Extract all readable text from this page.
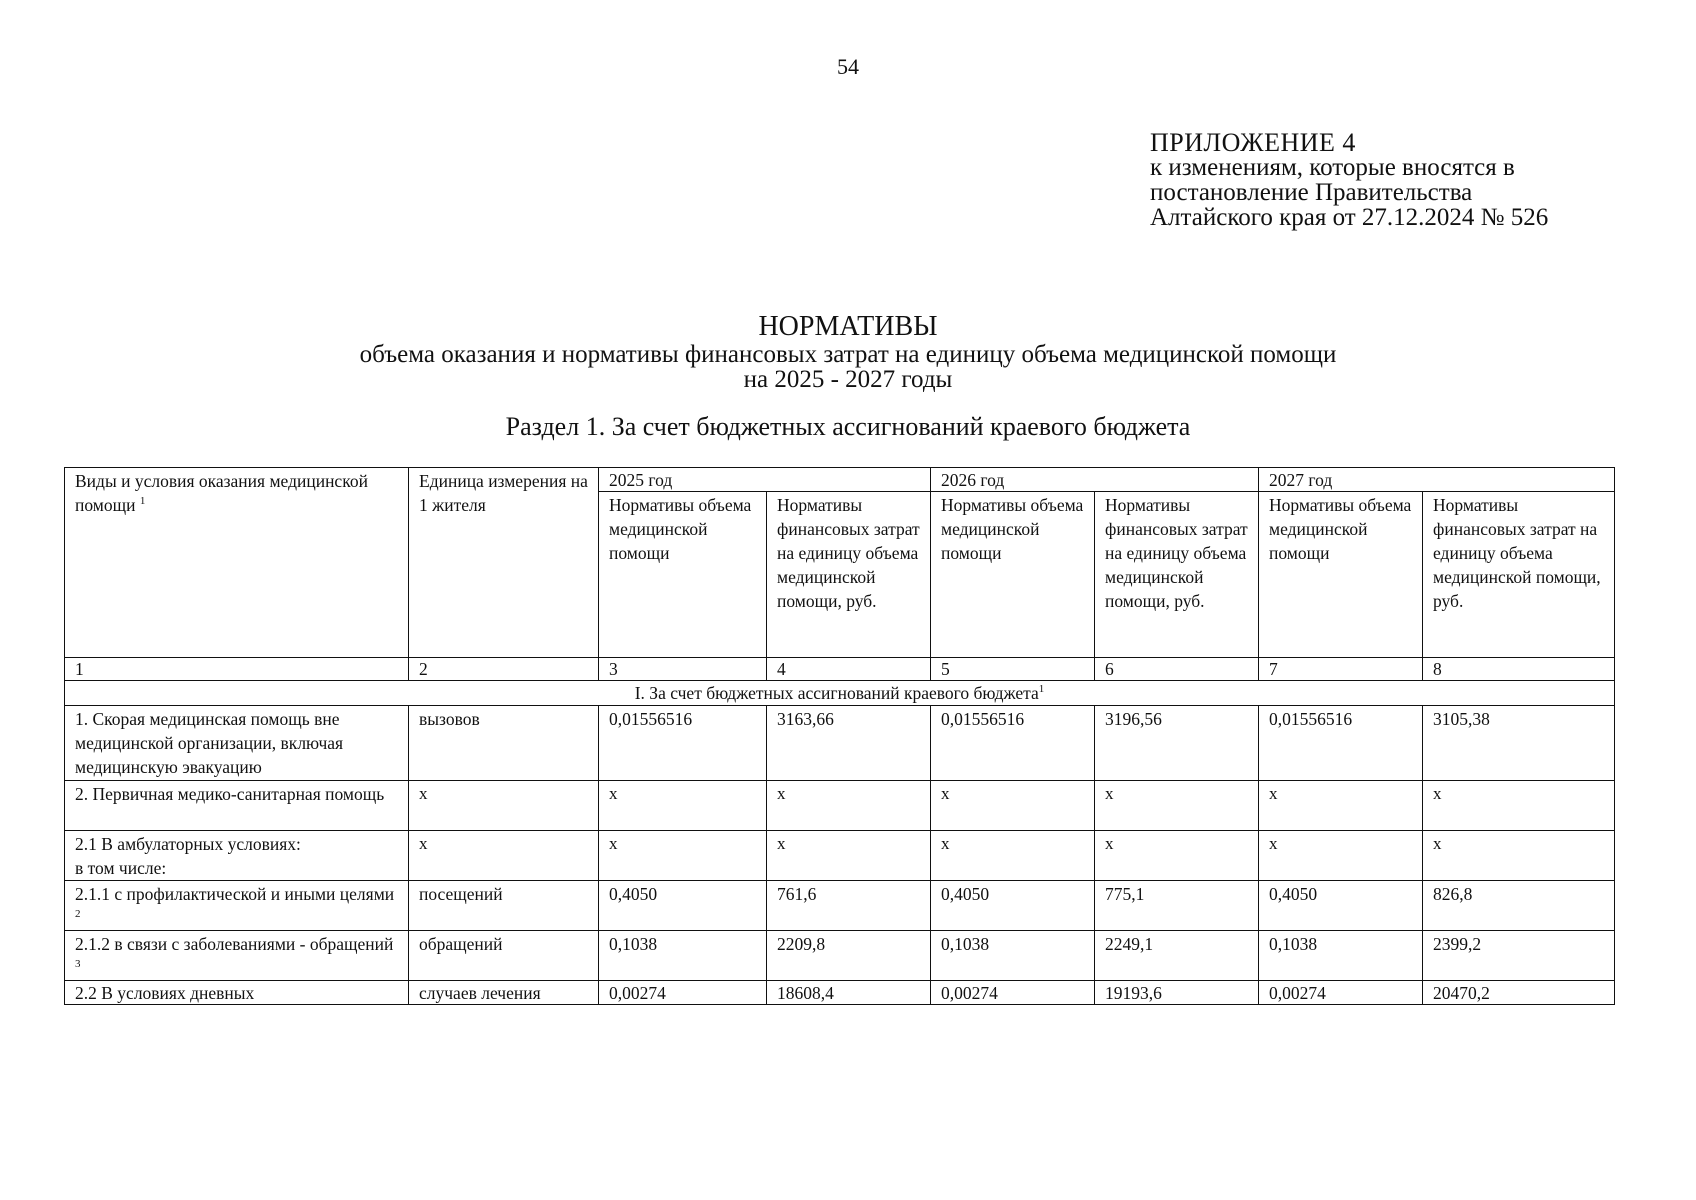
54
ПРИЛОЖЕНИЕ 4
к изменениям, которые вносятся в
постановление Правительства
Алтайского края от 27.12.2024 № 526
НОРМАТИВЫ
объема оказания и нормативы финансовых затрат на единицу объема медицинской помощи
на 2025 - 2027 годы
Раздел 1. За счет бюджетных ассигнований краевого бюджета
Виды и условия оказания медицинской помощи $^1$	Единица измерения на 1 жителя	2025 год		2026 год		2027 год	
		Нормативы объема медицинской помощи	Нормативы финансовых затрат на единицу объема медицинской помощи, руб.	Нормативы объема медицинской помощи	Нормативы финансовых затрат на единицу объема медицинской помощи, руб.	Нормативы объема медицинской помощи	Нормативы финансовых затрат на единицу объема медицинской помощи, руб.
1	2	3	4	5	6	7	8
I. За счет бюджетных ассигнований краевого бюджета$^1$
1. Скорая медицинская помощь вне медицинской организации, включая медицинскую эвакуацию	вызовов	0,01556516	3163,66	0,01556516	3196,56	0,01556516	3105,38
2. Первичная медико-санитарная помощь	х	х	х	х	х	х	х

2.1 В амбулаторных условиях:
в том числе:	х	х	х	х	х	х	х
2.1.1 с профилактической и иными целями $^2$	посещений	0,4050	761,6	0,4050	775,1	0,4050	826,8
2.1.2 в связи с заболеваниями - обращений $^3$	обращений	0,1038	2209,8	0,1038	2249,1	0,1038	2399,2
2.2 В условиях дневных	случаев лечения	0,00274	18608,4	0,00274	19193,6	0,00274	20470,2
